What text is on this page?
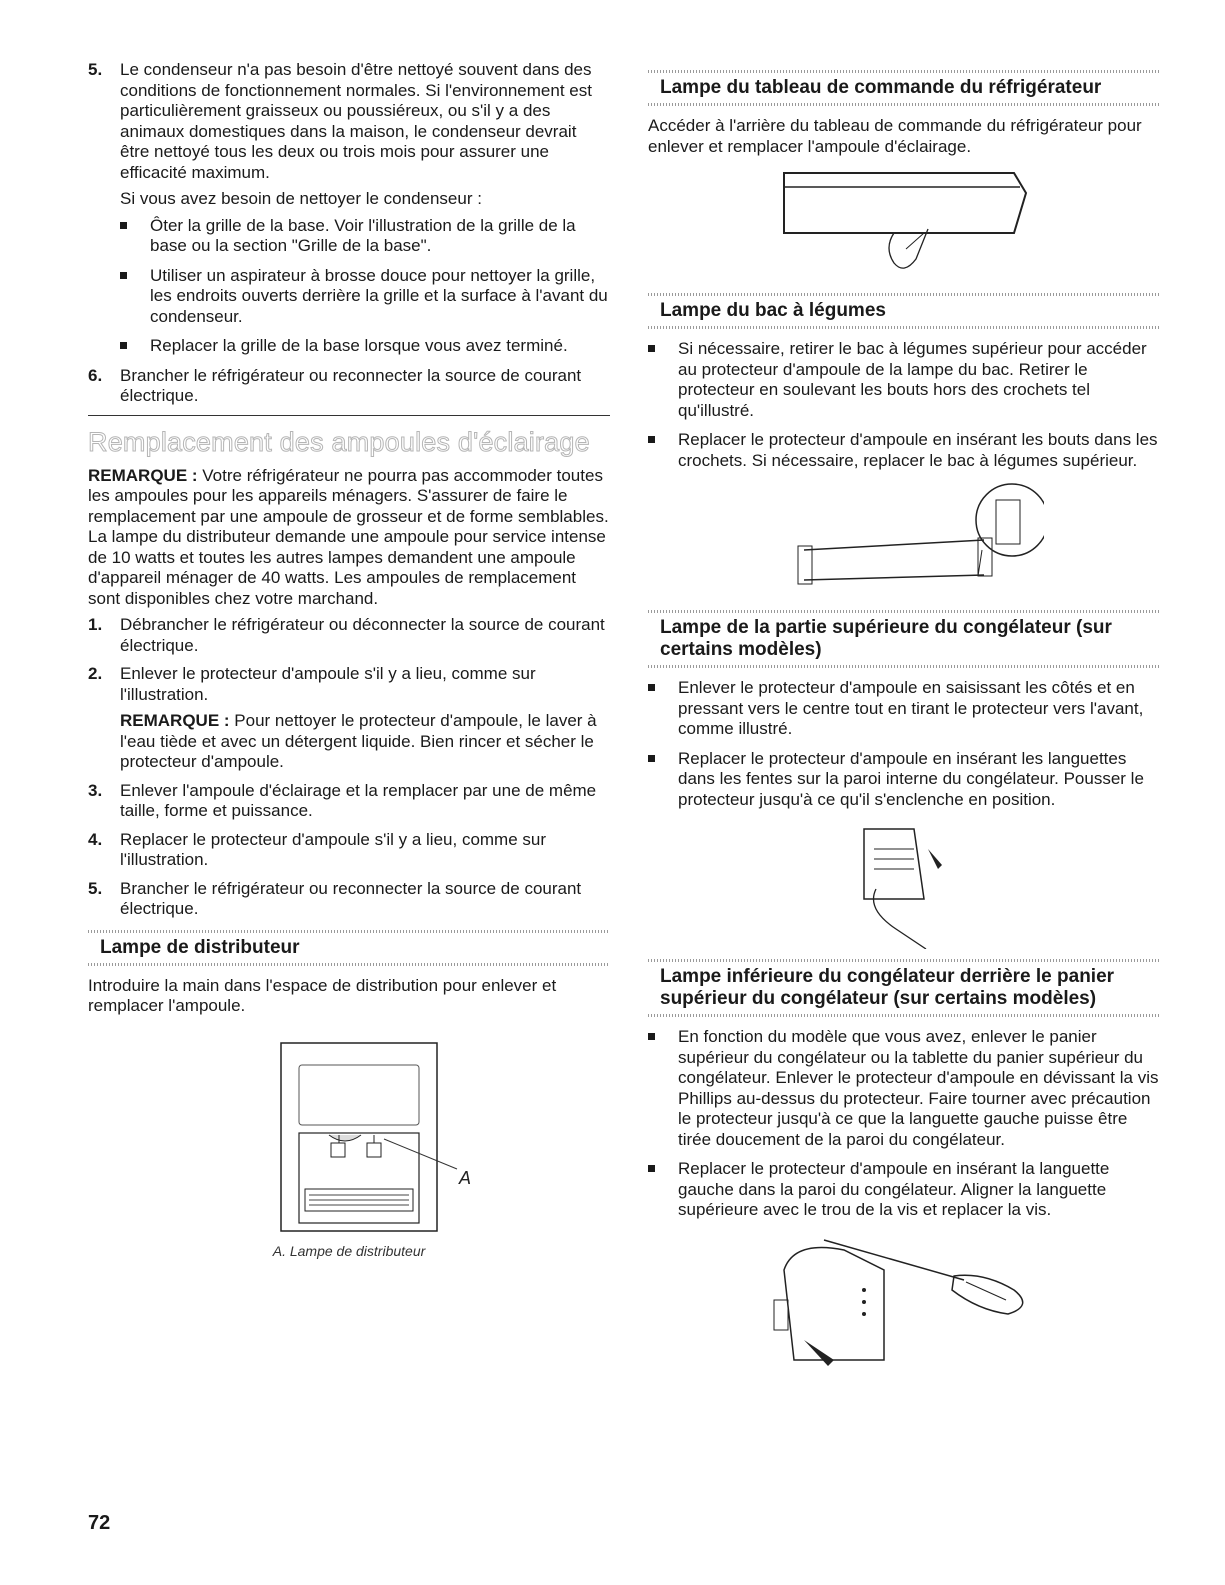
5. Le condenseur n'a pas besoin d'être nettoyé souvent dans des conditions de fonctionnement normales. Si l'environnement est particulièrement graisseux ou poussiéreux, ou s'il y a des animaux domestiques dans la maison, le condenseur devrait être nettoyé tous les deux ou trois mois pour assurer une efficacité maximum.

Si vous avez besoin de nettoyer le condenseur :

Ôter la grille de la base. Voir l'illustration de la grille de la base ou la section "Grille de la base".
Utiliser un aspirateur à brosse douce pour nettoyer la grille, les endroits ouverts derrière la grille et la surface à l'avant du condenseur.
Replacer la grille de la base lorsque vous avez terminé.
6. Brancher le réfrigérateur ou reconnecter la source de courant électrique.

Remplacement des ampoules d'éclairage

REMARQUE : Votre réfrigérateur ne pourra pas accommoder toutes les ampoules pour les appareils ménagers. S'assurer de faire le remplacement par une ampoule de grosseur et de forme semblables. La lampe du distributeur demande une ampoule pour service intense de 10 watts et toutes les autres lampes demandent une ampoule d'appareil ménager de 40 watts. Les ampoules de remplacement sont disponibles chez votre marchand.

1. Débrancher le réfrigérateur ou déconnecter la source de courant électrique.

2. Enlever le protecteur d'ampoule s'il y a lieu, comme sur l'illustration.

REMARQUE : Pour nettoyer le protecteur d'ampoule, le laver à l'eau tiède et avec un détergent liquide. Bien rincer et sécher le protecteur d'ampoule.

3. Enlever l'ampoule d'éclairage et la remplacer par une de même taille, forme et puissance.

4. Replacer le protecteur d'ampoule s'il y a lieu, comme sur l'illustration.

5. Brancher le réfrigérateur ou reconnecter la source de courant électrique.

Lampe de distributeur

Introduire la main dans l'espace de distribution pour enlever et remplacer l'ampoule.

A
A. Lampe de distributeur
Lampe du tableau de commande du réfrigérateur

Accéder à l'arrière du tableau de commande du réfrigérateur pour enlever et remplacer l'ampoule d'éclairage.

Lampe du bac à légumes
Si nécessaire, retirer le bac à légumes supérieur pour accéder au protecteur d'ampoule de la lampe du bac. Retirer le protecteur en soulevant les bouts hors des crochets tel qu'illustré.
Replacer le protecteur d'ampoule en insérant les bouts dans les crochets. Si nécessaire, replacer le bac à légumes supérieur.
Lampe de la partie supérieure du congélateur (sur certains modèles)
Enlever le protecteur d'ampoule en saisissant les côtés et en pressant vers le centre tout en tirant le protecteur vers l'avant, comme illustré.
Replacer le protecteur d'ampoule en insérant les languettes dans les fentes sur la paroi interne du congélateur. Pousser le protecteur jusqu'à ce qu'il s'enclenche en position.
Lampe inférieure du congélateur derrière le panier supérieur du congélateur (sur certains modèles)
En fonction du modèle que vous avez, enlever le panier supérieur du congélateur ou la tablette du panier supérieur du congélateur. Enlever le protecteur d'ampoule en dévissant la vis Phillips au-dessus du protecteur. Faire tourner avec précaution le protecteur jusqu'à ce que la languette gauche puisse être tirée doucement de la paroi du congélateur.
Replacer le protecteur d'ampoule en insérant la languette gauche dans la paroi du congélateur. Aligner la languette supérieure avec le trou de la vis et replacer la vis.
72
